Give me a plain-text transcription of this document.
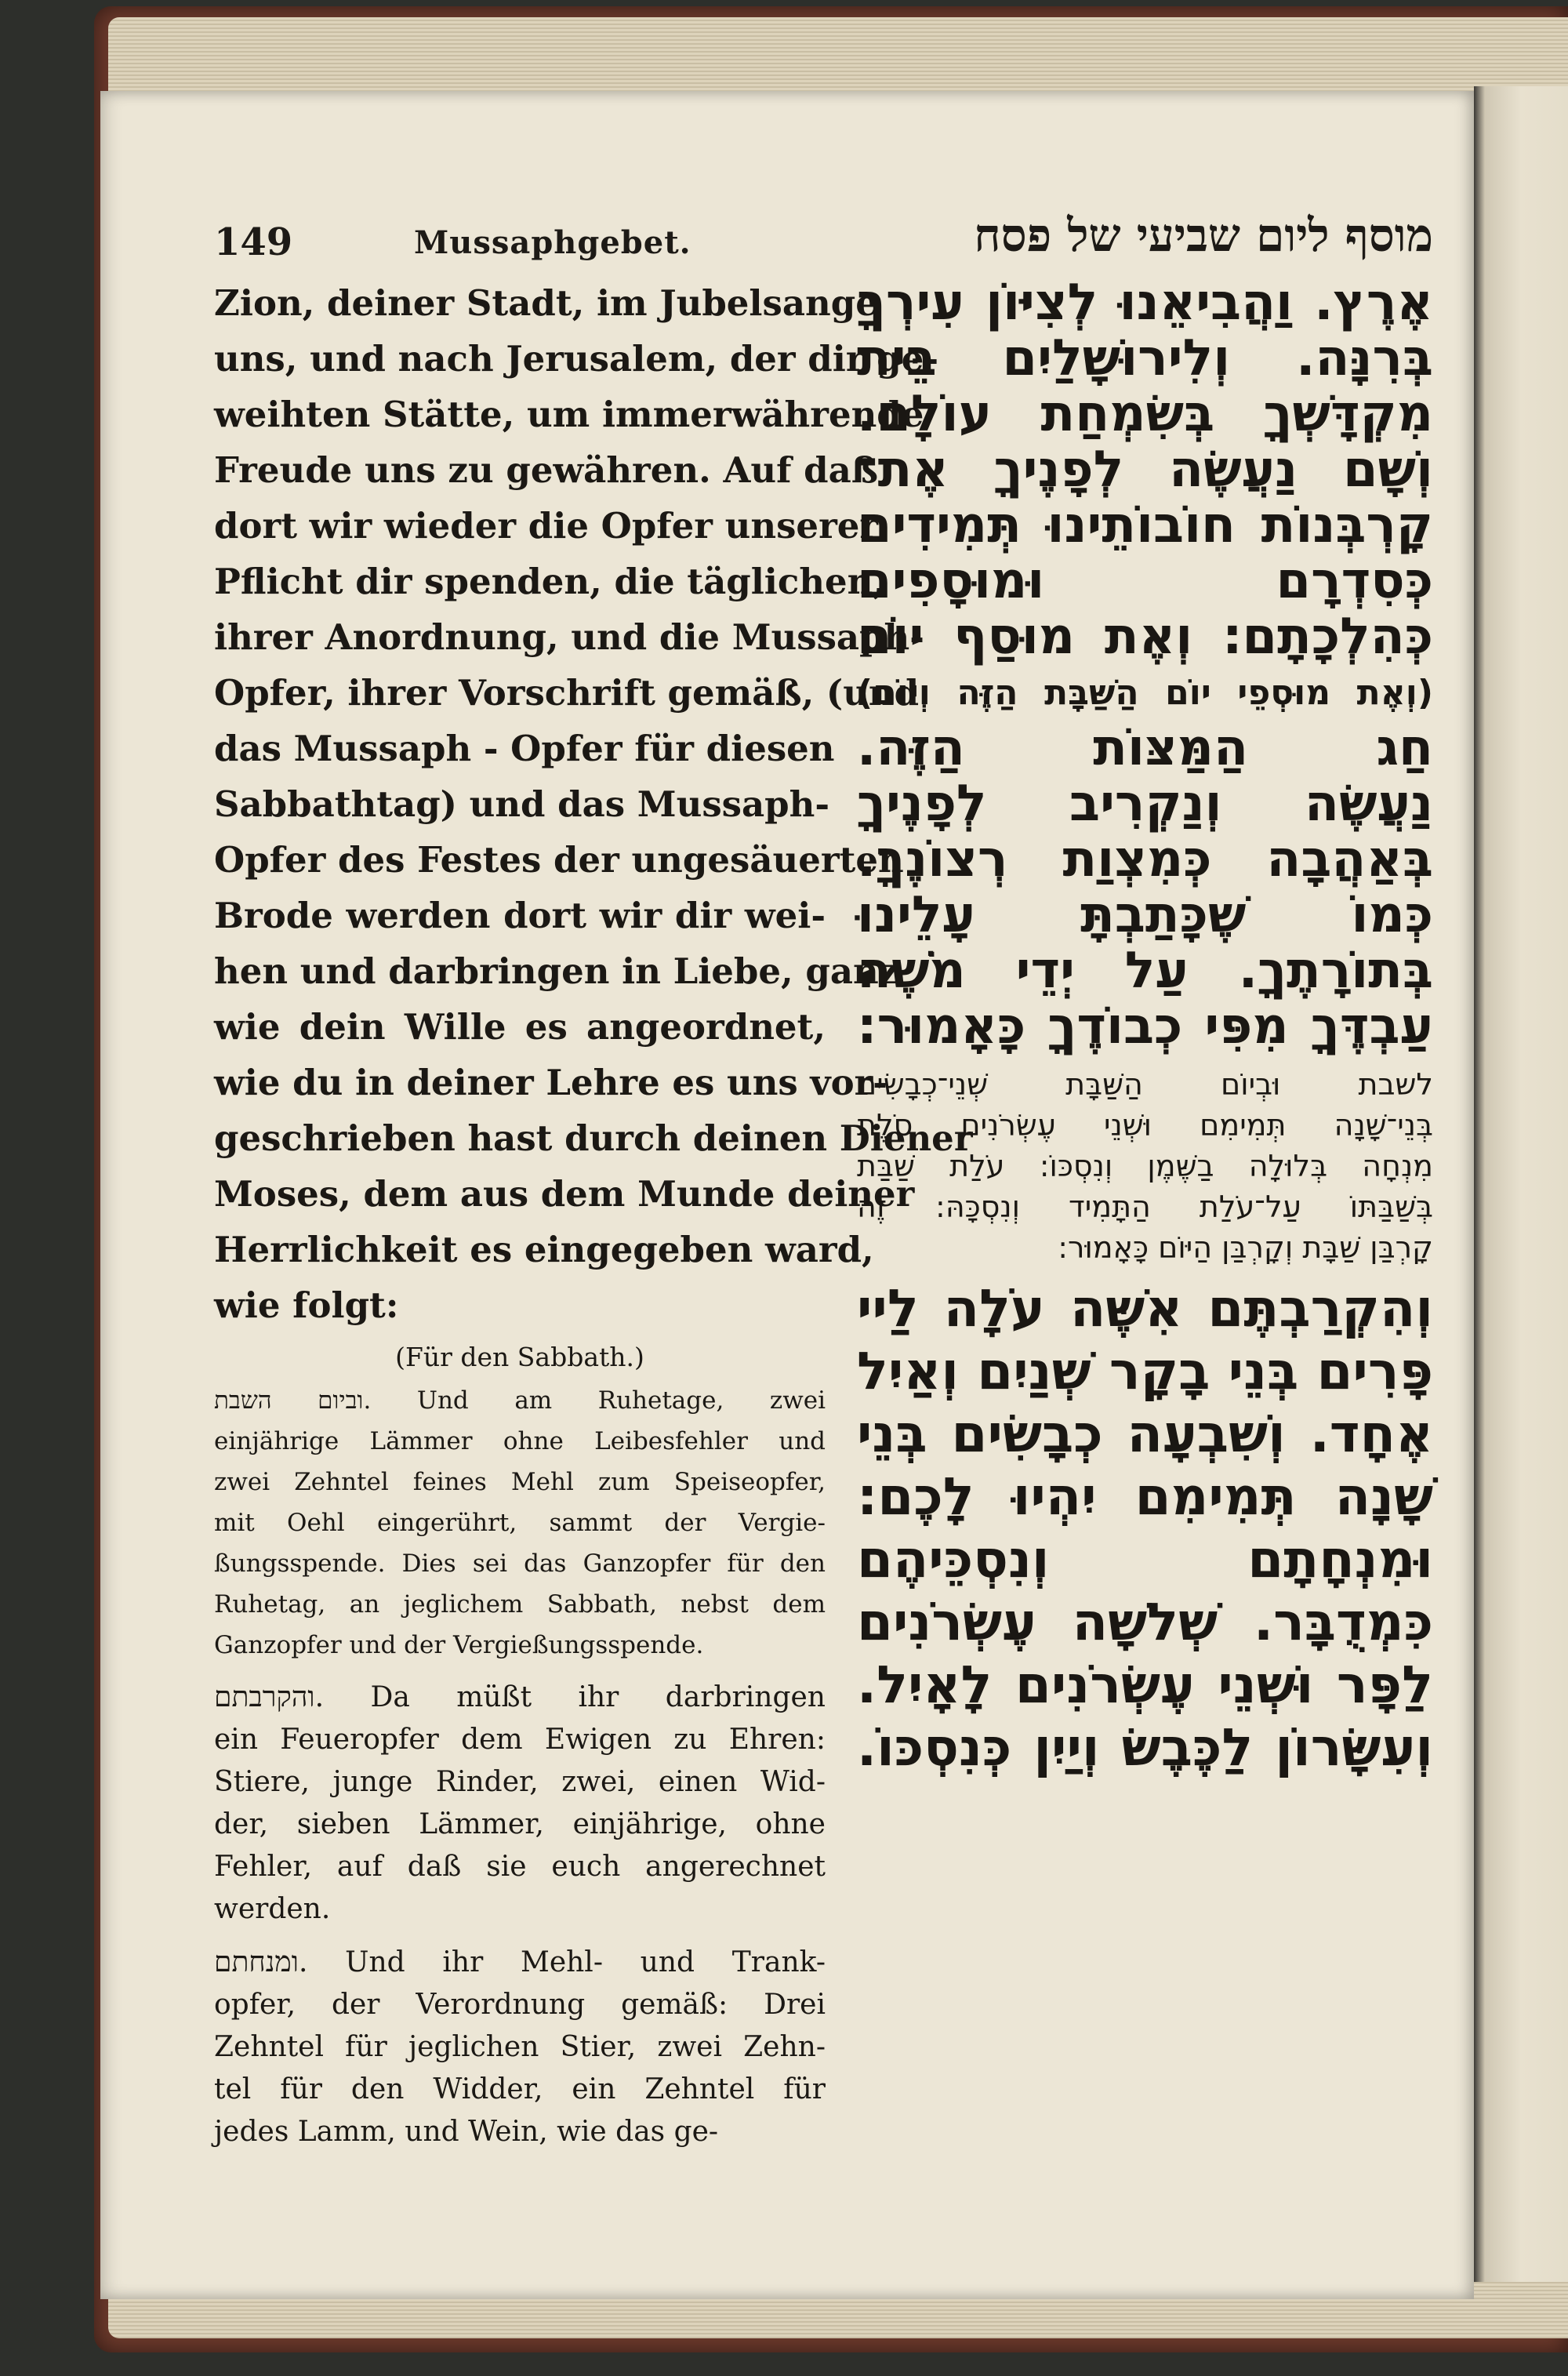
149	Mussaphgebet.	מוסף ליום שביעי של פסח
Zion, deiner Stadt, im Jubelsange
uns, und nach Jerusalem, der dir ge-
weihten Stätte, um immerwährende
Freude uns zu gewähren. Auf daß
dort wir wieder die Opfer unserer
Pflicht dir spenden, die täglichen,
ihrer Anordnung, und die Mussaph-
Opfer, ihrer Vorschrift gemäß, (und
das Mussaph - Opfer für diesen
Sabbathtag) und das Mussaph-
Opfer des Festes der ungesäuerten
Brode werden dort wir dir wei-
hen und darbringen in Liebe, ganz
wie dein Wille es angeordnet,
wie du in deiner Lehre es uns vor-
geschrieben hast durch deinen Diener
Moses, dem aus dem Munde deiner
Herrlichkeit es eingegeben ward,
wie folgt:
(Für den Sabbath.)
וביום השבת. Und am Ruhetage, zwei
einjährige Lämmer ohne Leibesfehler und
zwei Zehntel feines Mehl zum Speiseopfer,
mit Oehl eingerührt, sammt der Vergie-
ßungsspende. Dies sei das Ganzopfer für den
Ruhetag, an jeglichem Sabbath, nebst dem
Ganzopfer und der Vergießungsspende.
והקרבתם. Da müßt ihr darbringen
ein Feueropfer dem Ewigen zu Ehren:
Stiere, junge Rinder, zwei, einen Wid-
der, sieben Lämmer, einjährige, ohne
Fehler, auf daß sie euch angerechnet
werden.
ומנחתם. Und ihr Mehl- und Trank-
opfer, der Verordnung gemäß: Drei
Zehntel für jeglichen Stier, zwei Zehn-
tel für den Widder, ein Zehntel für
jedes Lamm, und Wein, wie das ge-
אֶרֶץ. וַהֲבִיאֵנוּ לְצִיּוֹן עִירְךָ
בְּרִנָּה. וְלִירוּשָׁלַיִם בֵּית
מִקְדָּשְׁךָ בְּשִׂמְחַת עוֹלָם.
וְשָׁם נַעֲשֶׂה לְפָנֶיךָ אֶת־
קָרְבְּנוֹת חוֹבוֹתֵינוּ תְּמִידִים
כְּסִדְרָם וּמוּסָפִים
כְּהִלְכָתָם: וְאֶת מוּסַף יוֹם
(וְאֶת מוּסְפֵי יוֹם הַשַּׁבָּת הַזֶּה וְיוֹם)
חַג הַמַּצּוֹת הַזֶּה.
נַעֲשֶׂה וְנַקְרִיב לְפָנֶיךָ
בְּאַהֲבָה כְּמִצְוַת רְצוֹנֶךָ.
כְּמוֹ שֶׁכָּתַבְתָּ עָלֵינוּ
בְּתוֹרָתֶךָ. עַל יְדֵי מֹשֶׁה
עַבְדֶּךָ מִפִּי כְבוֹדֶךָ כָּאָמוּר:
לשבת וּבְיוֹם הַשַּׁבָּת שְׁנֵי־כְבָשִׂים
בְּנֵי־שָׁנָה תְּמִימִם וּשְׁנֵי עֶשְׂרֹנִים סֹלֶת
מִנְחָה בְּלוּלָה בַשֶּׁמֶן וְנִסְכּוֹ: עֹלַת שַׁבַּת
בְּשַׁבַּתּוֹ עַל־עֹלַת הַתָּמִיד וְנִסְכָּהּ: זֶה
קָרְבַּן שַׁבָּת וְקָרְבַּן הַיּוֹם כָּאָמוּר:
וְהִקְרַבְתֶּם אִשֶּׁה עֹלָה לַיי
פָּרִים בְּנֵי בָקָר שְׁנַיִם וְאַיִל
אֶחָד. וְשִׁבְעָה כְבָשִׂים בְּנֵי
שָׁנָה תְּמִימִם יִהְיוּ לָכֶם:
וּמִנְחָתָם וְנִסְכֵּיהֶם
כִּמְדֻבָּר. שְׁלשָׁה עֶשְׂרֹנִים
לַפָּר וּשְׁנֵי עֶשְׂרֹנִים לָאָיִל.
וְעִשָּׂרוֹן לַכֶּבֶשׂ וְיַיִן כְּנִסְכּוֹ.
